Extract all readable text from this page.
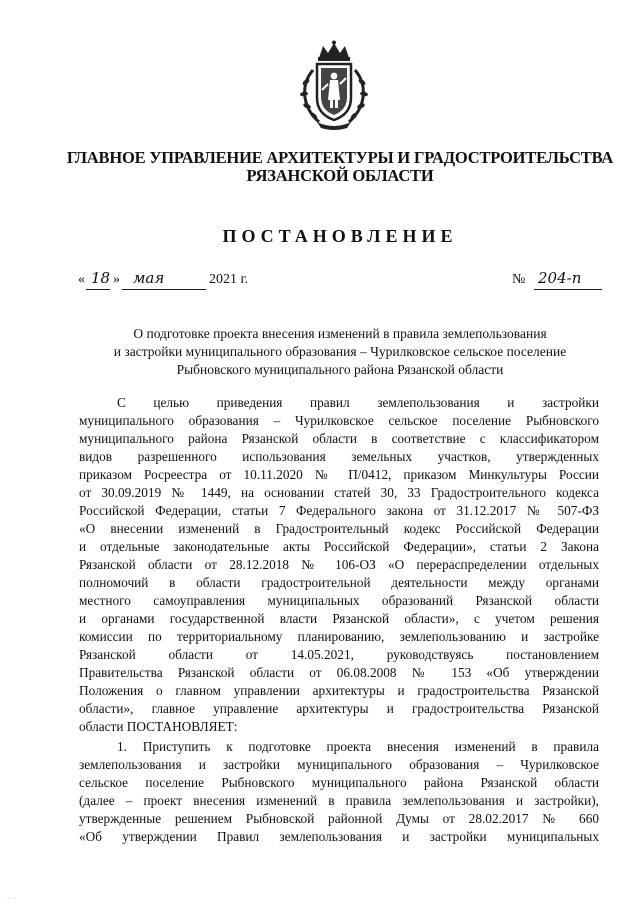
ГЛАВНОЕ УПРАВЛЕНИЕ АРХИТЕКТУРЫ И ГРАДОСТРОИТЕЛЬСТВА
РЯЗАНСКОЙ ОБЛАСТИ
ПОСТАНОВЛЕНИЕ
« 18 » мая	2021 г.	№ 204-п
О подготовке проекта внесения изменений в правила землепользования
и застройки муниципального образования – Чурилковское сельское поселение
Рыбновского муниципального района Рязанской области
С целью приведения правил землепользования и застройки
муниципального образования – Чурилковское сельское поселение Рыбновского
муниципального района Рязанской области в соответствие с классификатором
видов разрешенного использования земельных участков, утвержденных
приказом Росреестра от 10.11.2020 № П/0412, приказом Минкультуры России
от 30.09.2019 № 1449, на основании статей 30, 33 Градостроительного кодекса
Российской Федерации, статьи 7 Федерального закона от 31.12.2017 № 507-ФЗ
«О внесении изменений в Градостроительный кодекс Российской Федерации
и отдельные законодательные акты Российской Федерации», статьи 2 Закона
Рязанской области от 28.12.2018 № 106-ОЗ «О перераспределении отдельных
полномочий в области градостроительной деятельности между органами
местного самоуправления муниципальных образований Рязанской области
и органами государственной власти Рязанской области», с учетом решения
комиссии по территориальному планированию, землепользованию и застройке
Рязанской области от 14.05.2021, руководствуясь постановлением
Правительства Рязанской области от 06.08.2008 № 153 «Об утверждении
Положения о главном управлении архитектуры и градостроительства Рязанской
области», главное управление архитектуры и градостроительства Рязанской
области ПОСТАНОВЛЯЕТ:
1. Приступить к подготовке проекта внесения изменений в правила
землепользования и застройки муниципального образования – Чурилковское
сельское поселение Рыбновского муниципального района Рязанской области
(далее – проект внесения изменений в правила землепользования и застройки),
утвержденные решением Рыбновской районной Думы от 28.02.2017 № 660
«Об утверждении Правил землепользования и застройки муниципальных
· · · ·
